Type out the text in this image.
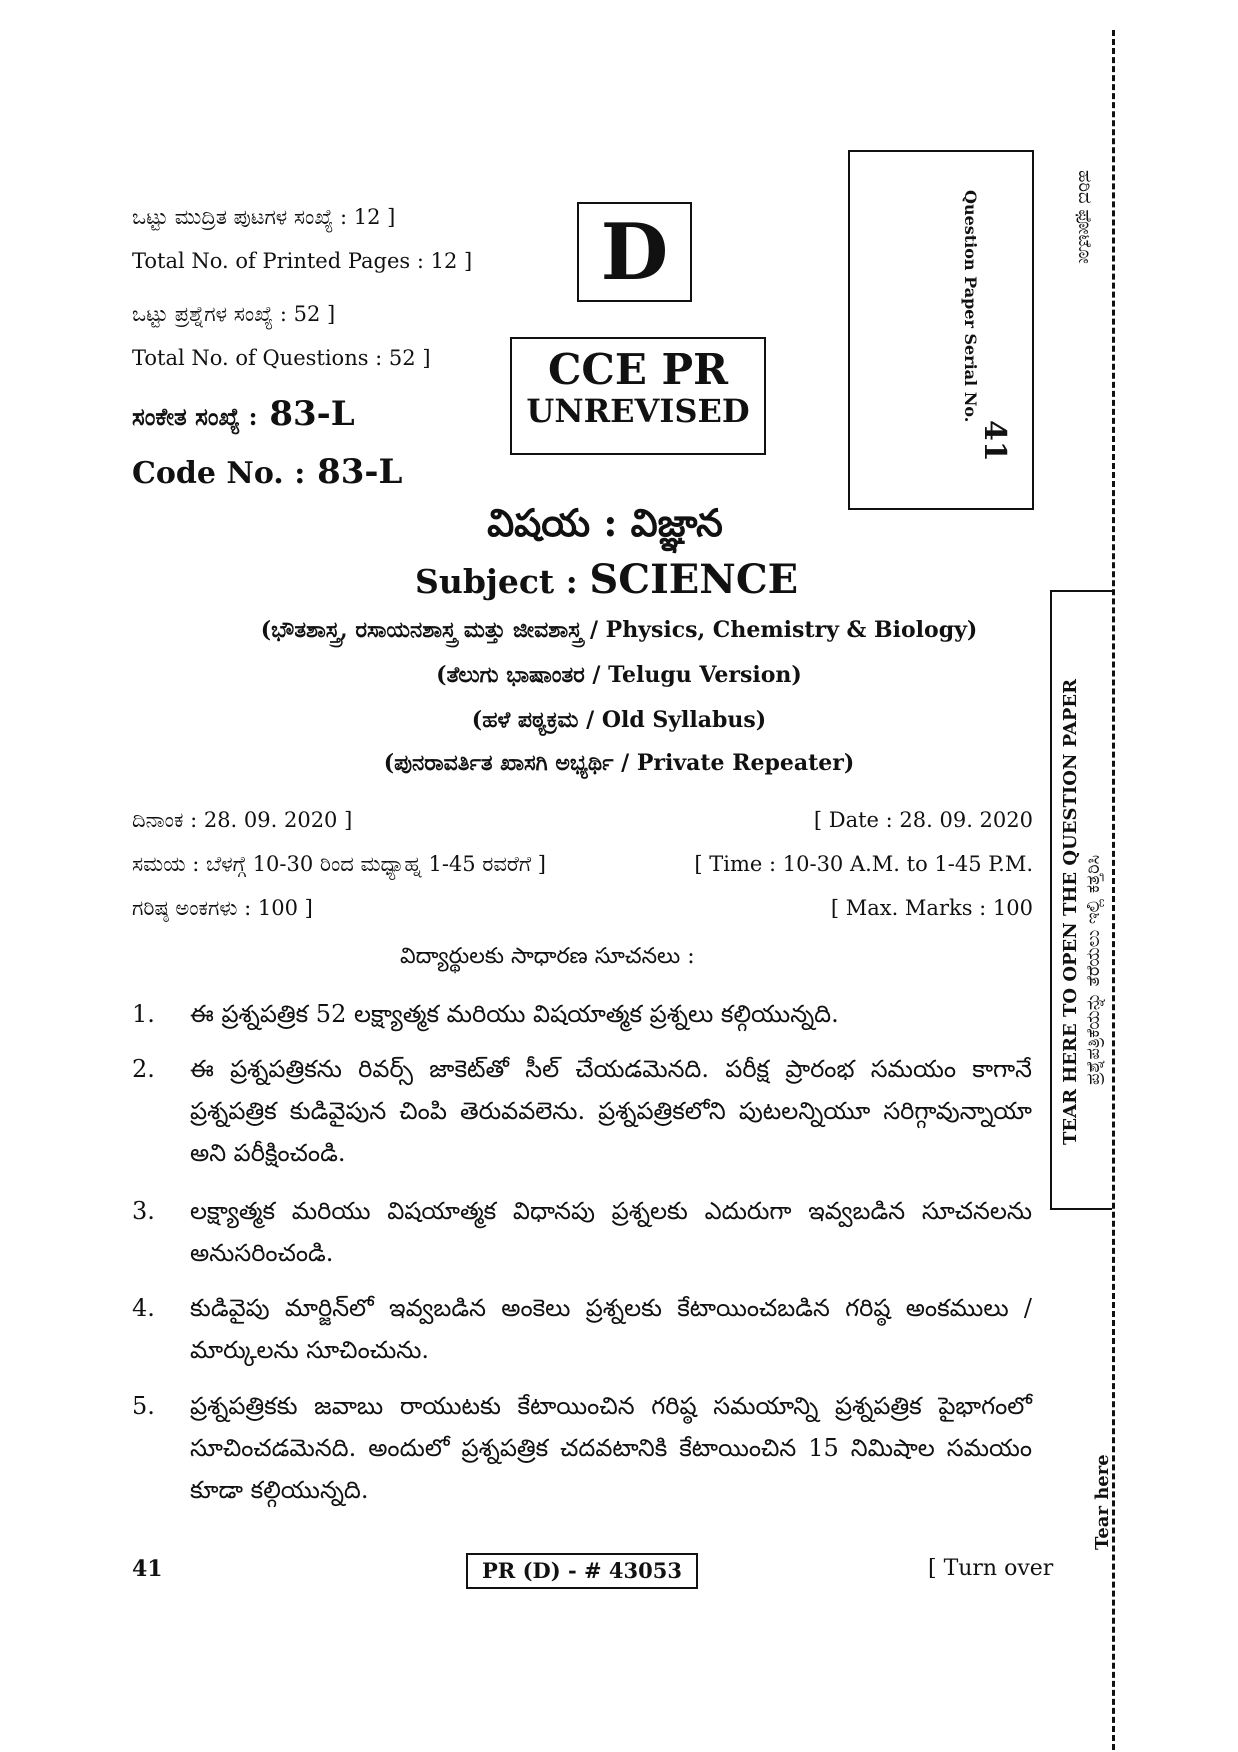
ಒಟ್ಟು ಮುದ್ರಿತ ಪುಟಗಳ ಸಂಖ್ಯೆ : 12 ]
Total No. of Printed Pages : 12 ]
ಒಟ್ಟು ಪ್ರಶ್ನೆಗಳ ಸಂಖ್ಯೆ : 52 ]
Total No. of Questions : 52 ]
ಸಂಕೇತ ಸಂಖ್ಯೆ : 83-L
Code No. : 83-L
D
CCE PR
UNREVISED	Question Paper Serial No.
41
ಹರಿದ ಫೋಟೋ
TEAR HERE TO OPEN THE QUESTION PAPER ಪ್ರಶ್ನೆಪತ್ರಿಕೆಯನ್ನು ತೆರೆಯಲು ಇಲ್ಲಿ ಕತ್ತರಿಸಿ
Tear here
విషయ : విజ్ఞాన
Subject : SCIENCE
(ಭೌತಶಾಸ್ತ್ರ, ರಸಾಯನಶಾಸ್ತ್ರ ಮತ್ತು ಜೀವಶಾಸ್ತ್ರ / Physics, Chemistry & Biology)
(ತೆಲುಗು ಭಾಷಾಂತರ / Telugu Version)
(ಹಳೆ ಪಠ್ಯಕ್ರಮ / Old Syllabus)
(ಪುನರಾವರ್ತಿತ ಖಾಸಗಿ ಅಭ್ಯರ್ಥಿ / Private Repeater)
ದಿನಾಂಕ : 28. 09. 2020 ]	[ Date : 28. 09. 2020
ಸಮಯ : ಬೆಳಗ್ಗೆ 10-30 ರಿಂದ ಮಧ್ಯಾಹ್ನ 1-45 ರವರೆಗೆ ]	[ Time : 10-30 A.M. to 1-45 P.M.
ಗರಿಷ್ಠ ಅಂಕಗಳು : 100 ]	[ Max. Marks : 100
విద్యార్థులకు సాధారణ సూచనలు :
1.	ఈ ప్రశ్నపత్రిక 52 లక్ష్యాత్మక మరియు విషయాత్మక ప్రశ్నలు కల్గియున్నది.
2.	ఈ ప్రశ్నపత్రికను రివర్స్ జాకెట్‌తో సీల్ చేయడమెనది. పరీక్ష ప్రారంభ సమయం కాగానే ప్రశ్నపత్రిక కుడివైపున చింపి తెరువవలెను. ప్రశ్నపత్రికలోని పుటలన్నియూ సరిగ్గావున్నాయా అని పరీక్షించండి.
3.	లక్ష్యాత్మక మరియు విషయాత్మక విధానపు ప్రశ్నలకు ఎదురుగా ఇవ్వబడిన సూచనలను అనుసరించండి.
4.	కుడివైపు మార్జిన్‌లో ఇవ్వబడిన అంకెలు ప్రశ్నలకు కేటాయించబడిన గరిష్ఠ అంకములు / మార్కులను సూచించును.
5.	ప్రశ్నపత్రికకు జవాబు రాయుటకు కేటాయించిన గరిష్ఠ సమయాన్ని ప్రశ్నపత్రిక పైభాగంలో సూచించడమెనది. అందులో ప్రశ్నపత్రిక చదవటానికి కేటాయించిన 15 నిమిషాల సమయం కూడా కల్గియున్నది.
41	PR (D) - # 43053	[ Turn over
